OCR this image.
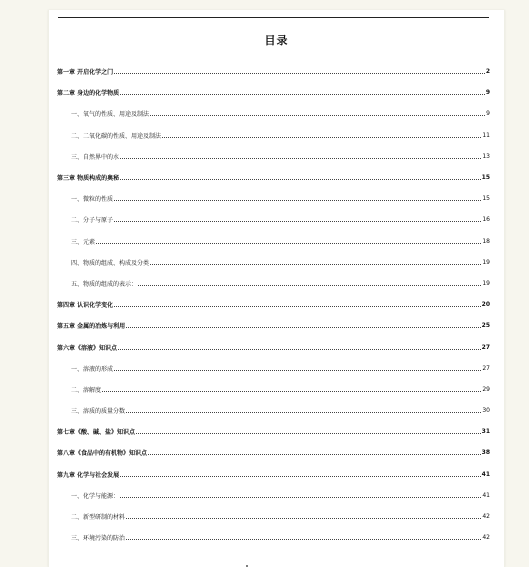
目录
第一章 开启化学之门	2
第二章 身边的化学物质	9
一、氧气的性质、用途及制法	9
二、二氧化碳的性质、用途及制法	11
三、自然界中的水	13
第三章 物质构成的奥秘	15
一、微粒的性质	15
二、分子与原子	16
三、元素	18
四、物质的组成、构成及分类	19
五、物质的组成的表示：	19
第四章 认识化学变化	20
第五章 金属的冶炼与利用	25
第六章《溶液》知识点	27
一、溶液的形成	27
二、溶解度	29
三、溶质的质量分数	30
第七章《酸、碱、盐》知识点	31
第八章《食品中的有机物》知识点	38
第九章 化学与社会发展	41
一、化学与能源：	41
二、新型研制的材料	42
三、环境污染的防治	42
